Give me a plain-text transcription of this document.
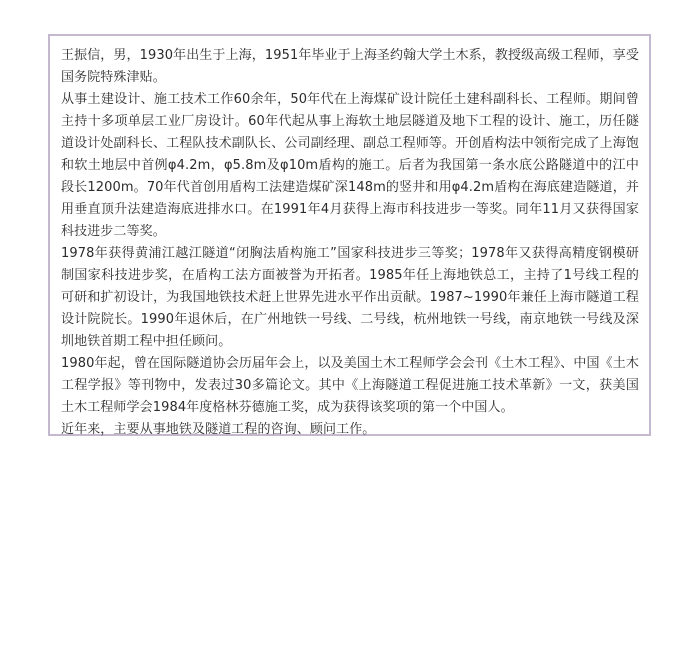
王振信，男，1930年出生于上海，1951年毕业于上海圣约翰大学土木系，教授级高级工程师，享受国务院特殊津贴。

从事土建设计、施工技术工作60余年，50年代在上海煤矿设计院任土建科副科长、工程师。期间曾主持十多项单层工业厂房设计。60年代起从事上海软土地层隧道及地下工程的设计、施工，历任隧道设计处副科长、工程队技术副队长、公司副经理、副总工程师等。开创盾构法中领衔完成了上海饱和软土地层中首例φ4.2m，φ5.8m及φ10m盾构的施工。后者为我国第一条水底公路隧道中的江中段长1200m。70年代首创用盾构工法建造煤矿深148m的竖井和用φ4.2m盾构在海底建造隧道，并用垂直顶升法建造海底进排水口。在1991年4月获得上海市科技进步一等奖。同年11月又获得国家科技进步二等奖。

1978年获得黄浦江越江隧道“闭胸法盾构施工”国家科技进步三等奖；1978年又获得高精度钢模研制国家科技进步奖，在盾构工法方面被誉为开拓者。1985年任上海地铁总工，主持了1号线工程的可研和扩初设计，为我国地铁技术赶上世界先进水平作出贡献。1987~1990年兼任上海市隧道工程设计院院长。1990年退休后，在广州地铁一号线、二号线，杭州地铁一号线，南京地铁一号线及深圳地铁首期工程中担任顾问。

1980年起，曾在国际隧道协会历届年会上，以及美国土木工程师学会会刊《土木工程》、中国《土木工程学报》等刊物中，发表过30多篇论文。其中《上海隧道工程促进施工技术革新》一文，获美国土木工程师学会1984年度格林芬德施工奖，成为获得该奖项的第一个中国人。

近年来，主要从事地铁及隧道工程的咨询、顾问工作。
